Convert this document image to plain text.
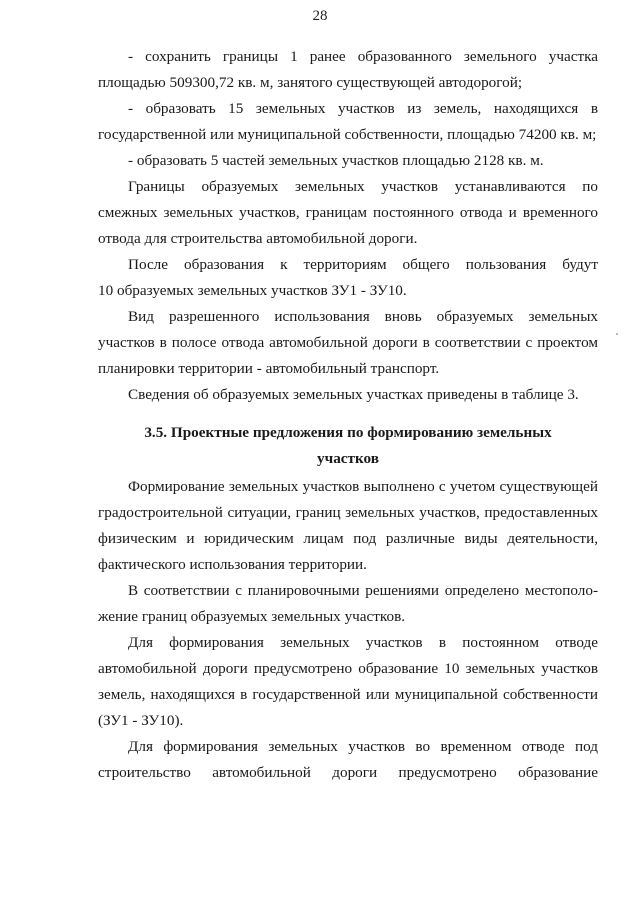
28
- сохранить границы 1 ранее образованного земельного участка
площадью 509300,72 кв. м, занятого существующей автодорогой;
- образовать 15 земельных участков из земель, находящихся в
государственной или муниципальной собственности, площадью 74200 кв. м;
- образовать 5 частей земельных участков площадью 2128 кв. м.
Границы образуемых земельных участков устанавливаются по
смежных земельных участков, границам постоянного отвода и временного
отвода для строительства автомобильной дороги.
После образования к территориям общего пользования будут
10 образуемых земельных участков ЗУ1 - ЗУ10.
Вид разрешенного использования вновь образуемых земельных
участков в полосе отвода автомобильной дороги в соответствии с проектом
планировки территории - автомобильный транспорт.
Сведения об образуемых земельных участках приведены в таблице 3.
3.5. Проектные предложения по формированию земельных
участков
Формирование земельных участков выполнено с учетом существующей
градостроительной ситуации, границ земельных участков, предоставленных
физическим и юридическим лицам под различные виды деятельности,
фактического использования территории.
В соответствии с планировочными решениями определено местополо-
жение границ образуемых земельных участков.
Для формирования земельных участков в постоянном отводе
автомобильной дороги предусмотрено образование 10 земельных участков
земель, находящихся в государственной или муниципальной собственности
(ЗУ1 - ЗУ10).
Для формирования земельных участков во временном отводе под
строительство автомобильной дороги предусмотрено образование
